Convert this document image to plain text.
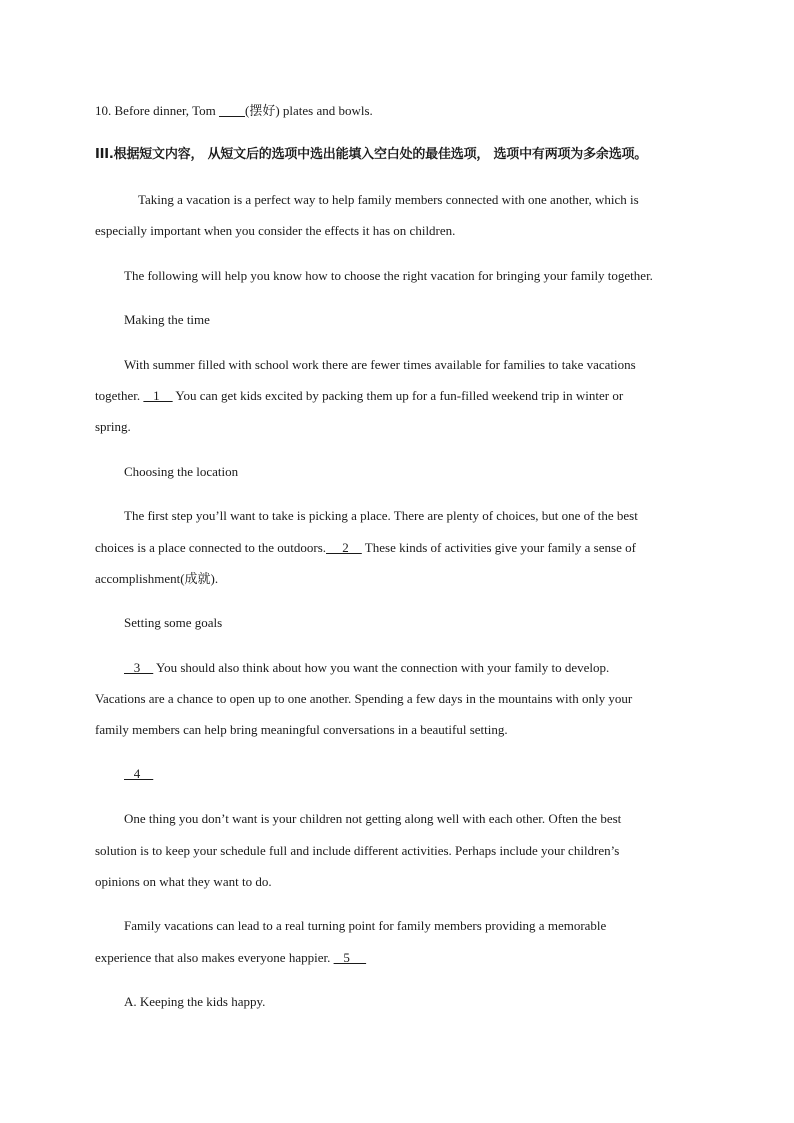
10. Before dinner, Tom         (摆好) plates and bowls.
III.根据短文内容， 从短文后的选项中选出能填入空白处的最佳选项， 选项中有两项为多余选项。
Taking a vacation is a perfect way to help family members connected with one another, which is
especially important when you consider the effects it has on children.
The following will help you know how to choose the right vacation for bringing your family together.
Making the time
With summer filled with school work there are fewer times available for families to take vacations
together.    1     You can get kids excited by packing them up for a fun-filled weekend trip in winter or
spring.
Choosing the location
The first step you’ll want to take is picking a place. There are plenty of choices, but one of the best
choices is a place connected to the outdoors.     2     These kinds of activities give your family a sense of
accomplishment(成就).
Setting some goals
3     You should also think about how you want the connection with your family to develop.
Vacations are a chance to open up to one another. Spending a few days in the mountains with only your
family members can help bring meaningful conversations in a beautiful setting.
4
One thing you don’t want is your children not getting along well with each other. Often the best
solution is to keep your schedule full and include different activities. Perhaps include your children’s
opinions on what they want to do.
Family vacations can lead to a real turning point for family members providing a memorable
experience that also makes everyone happier.    5
A. Keeping the kids happy.
